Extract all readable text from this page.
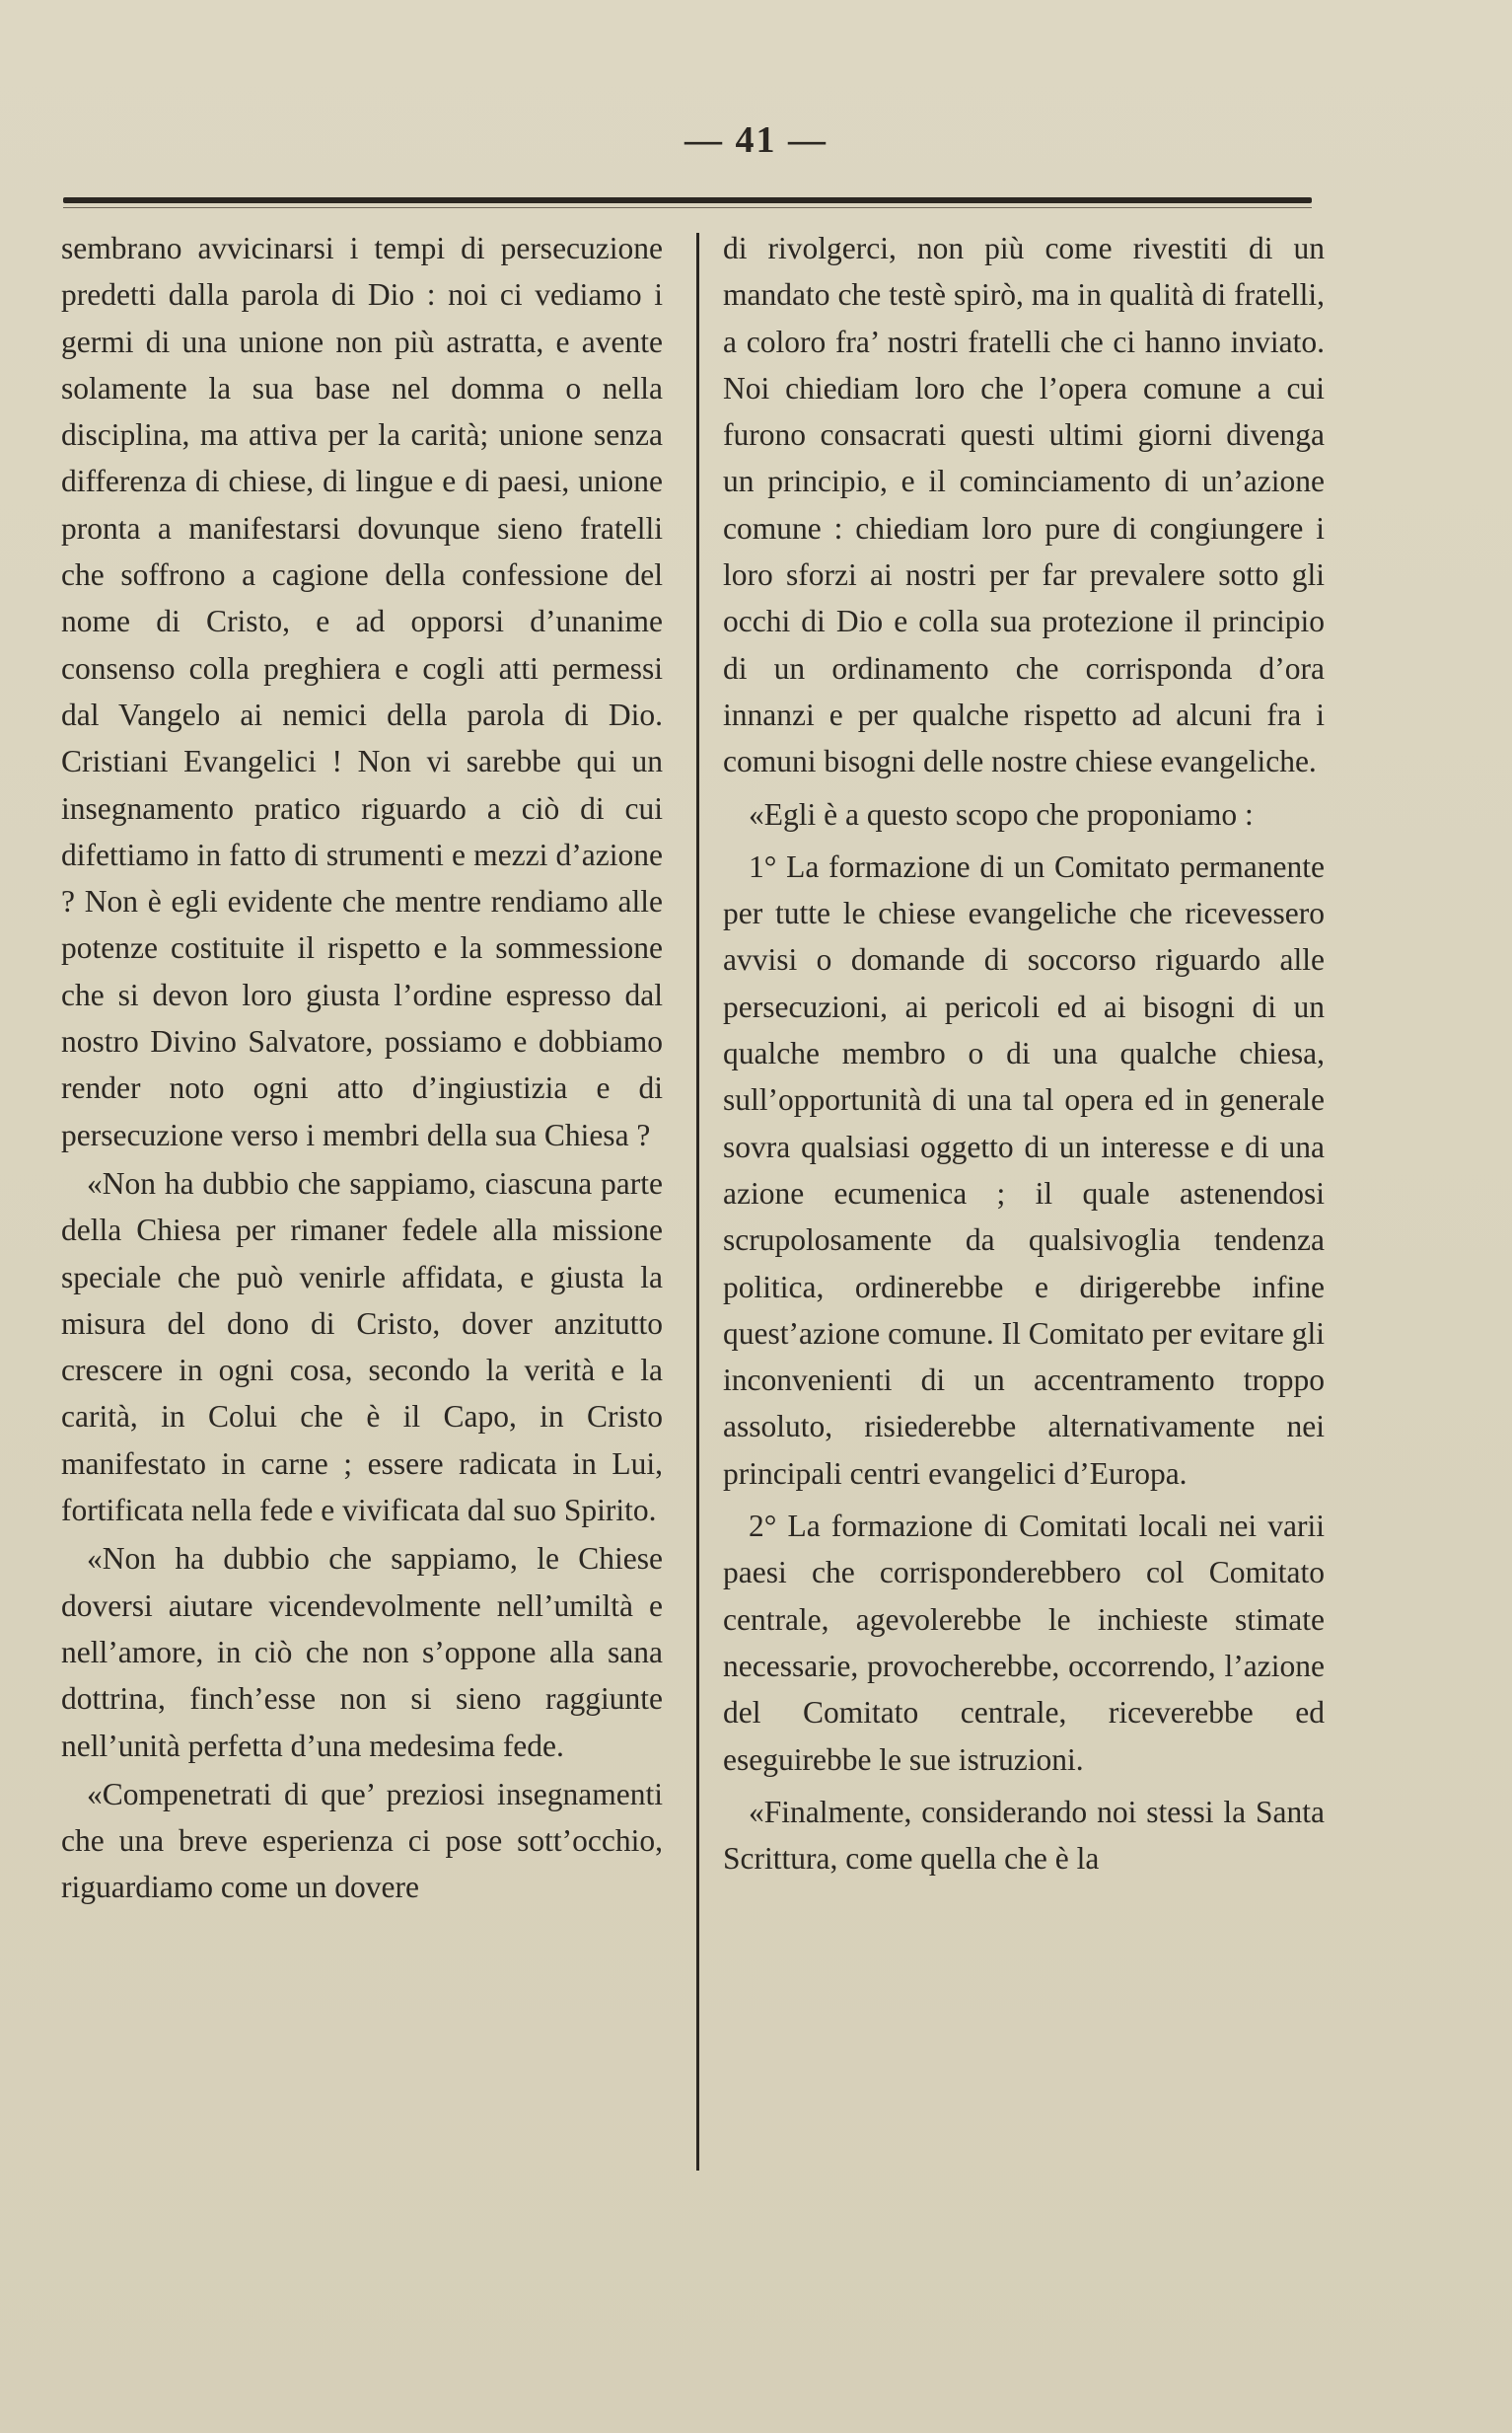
— 41 —

sembrano avvicinarsi i tempi di persecuzione predetti dalla parola di Dio : noi ci vediamo i germi di una unione non più astratta, e avente solamente la sua base nel domma o nella disciplina, ma attiva per la carità; unione senza differenza di chiese, di lingue e di paesi, unione pronta a manifestarsi dovunque sieno fratelli che soffrono a cagione della confessione del nome di Cristo, e ad opporsi d’unanime consenso colla preghiera e cogli atti permessi dal Vangelo ai nemici della parola di Dio. Cristiani Evangelici ! Non vi sarebbe qui un insegnamento pratico riguardo a ciò di cui difettiamo in fatto di strumenti e mezzi d’azione ? Non è egli evidente che mentre rendiamo alle potenze costituite il rispetto e la sommessione che si devon loro giusta l’ordine espresso dal nostro Divino Salvatore, possiamo e dobbiamo render noto ogni atto d’ingiustizia e di persecuzione verso i membri della sua Chiesa ?

«Non ha dubbio che sappiamo, ciascuna parte della Chiesa per rimaner fedele alla missione speciale che può venirle affidata, e giusta la misura del dono di Cristo, dover anzitutto crescere in ogni cosa, secondo la verità e la carità, in Colui che è il Capo, in Cristo manifestato in carne ; essere radicata in Lui, fortificata nella fede e vivificata dal suo Spirito.

«Non ha dubbio che sappiamo, le Chiese doversi aiutare vicendevolmente nell’umiltà e nell’amore, in ciò che non s’oppone alla sana dottrina, finch’esse non si sieno raggiunte nell’unità perfetta d’una medesima fede.

«Compenetrati di que’ preziosi insegnamenti che una breve esperienza ci pose sott’occhio, riguardiamo come un dovere

di rivolgerci, non più come rivestiti di un mandato che testè spirò, ma in qualità di fratelli, a coloro fra’ nostri fratelli che ci hanno inviato. Noi chiediam loro che l’opera comune a cui furono consacrati questi ultimi giorni divenga un principio, e il cominciamento di un’azione comune : chiediam loro pure di congiungere i loro sforzi ai nostri per far prevalere sotto gli occhi di Dio e colla sua protezione il principio di un ordinamento che corrisponda d’ora innanzi e per qualche rispetto ad alcuni fra i comuni bisogni delle nostre chiese evangeliche.

«Egli è a questo scopo che proponiamo :

1° La formazione di un Comitato permanente per tutte le chiese evangeliche che ricevessero avvisi o domande di soccorso riguardo alle persecuzioni, ai pericoli ed ai bisogni di un qualche membro o di una qualche chiesa, sull’opportunità di una tal opera ed in generale sovra qualsiasi oggetto di un interesse e di una azione ecumenica ; il quale astenendosi scrupolosamente da qualsivoglia tendenza politica, ordinerebbe e dirigerebbe infine quest’azione comune. Il Comitato per evitare gli inconvenienti di un accentramento troppo assoluto, risiederebbe alternativamente nei principali centri evangelici d’Europa.

2° La formazione di Comitati locali nei varii paesi che corrisponderebbero col Comitato centrale, agevolerebbe le inchieste stimate necessarie, provocherebbe, occorrendo, l’azione del Comitato centrale, riceverebbe ed eseguirebbe le sue istruzioni.

«Finalmente, considerando noi stessi la Santa Scrittura, come quella che è la
